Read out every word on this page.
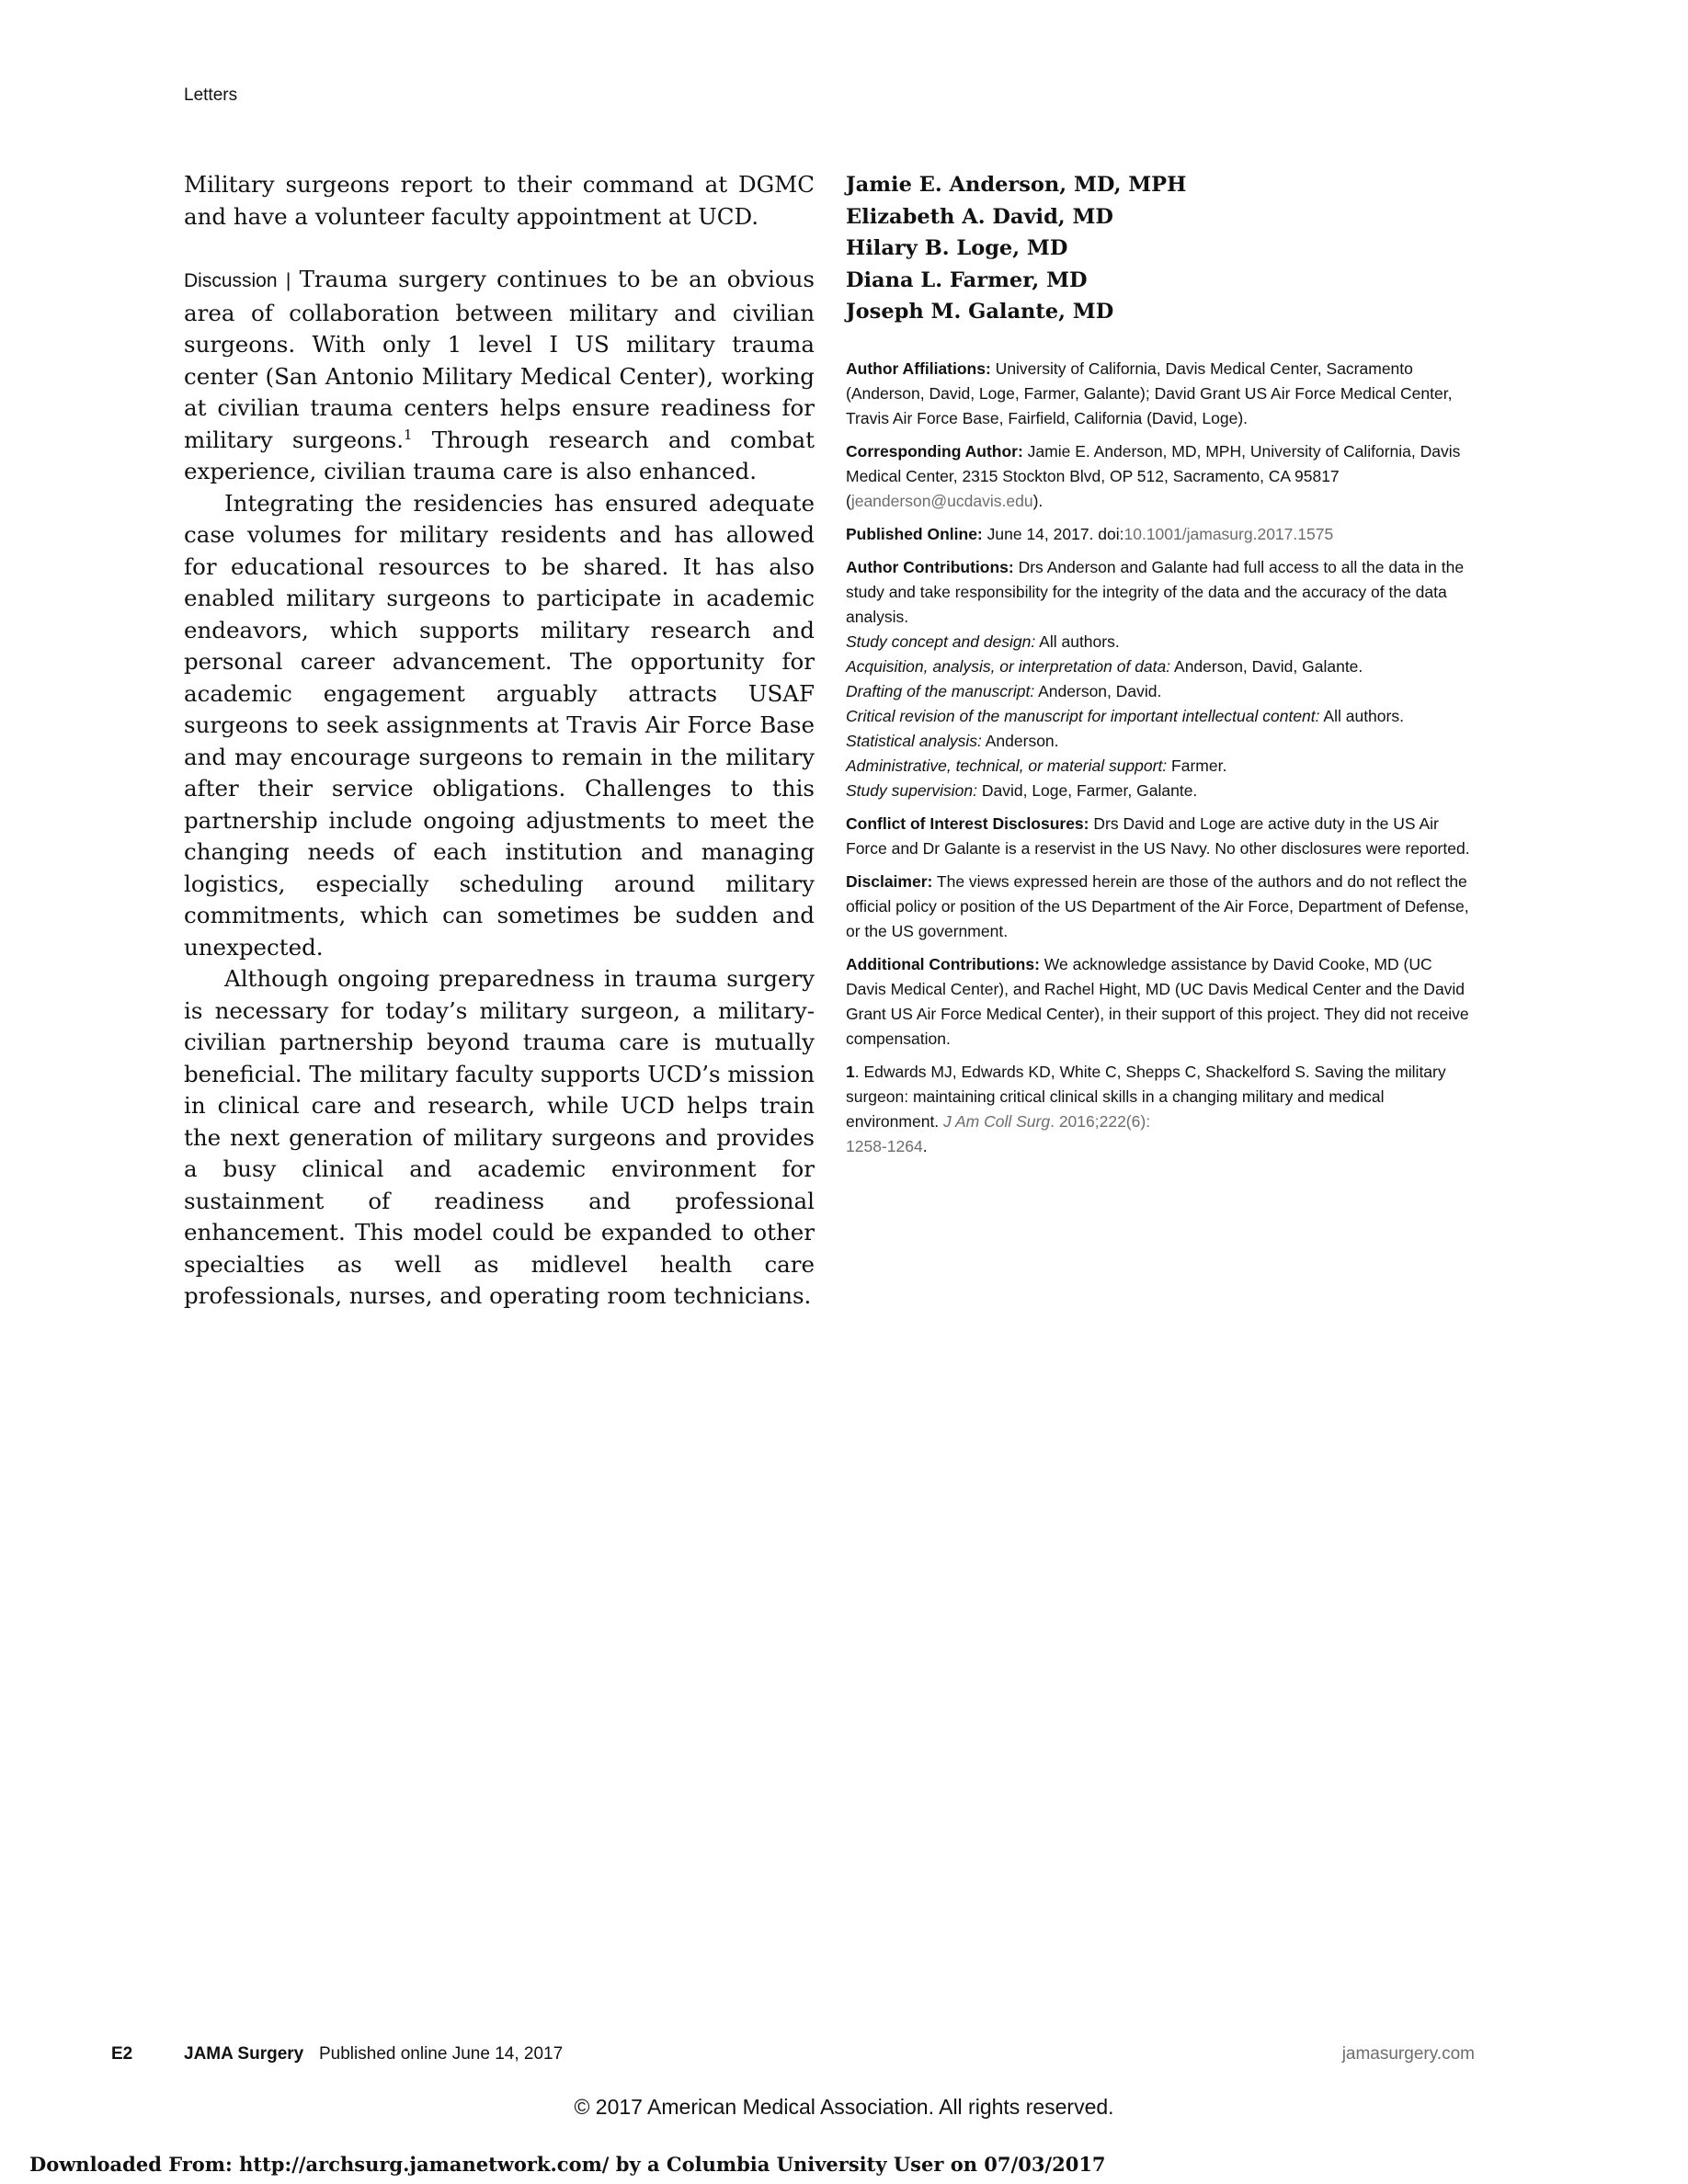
Letters

Military surgeons report to their command at DGMC and have a volunteer faculty appointment at UCD.

Discussion | Trauma surgery continues to be an obvious area of collaboration between military and civilian surgeons. With only 1 level I US military trauma center (San Antonio Military Medical Center), working at civilian trauma centers helps ensure readiness for military surgeons.$^1$ Through research and combat experience, civilian trauma care is also enhanced.

Integrating the residencies has ensured adequate case volumes for military residents and has allowed for educational resources to be shared. It has also enabled military surgeons to participate in academic endeavors, which supports military research and personal career advancement. The opportunity for academic engagement arguably attracts USAF surgeons to seek assignments at Travis Air Force Base and may encourage surgeons to remain in the military after their service obligations. Challenges to this partnership include ongoing adjustments to meet the changing needs of each institution and managing logistics, especially scheduling around military commitments, which can sometimes be sudden and unexpected.

Although ongoing preparedness in trauma surgery is necessary for today’s military surgeon, a military-civilian partnership beyond trauma care is mutually beneficial. The military faculty supports UCD’s mission in clinical care and research, while UCD helps train the next generation of military surgeons and provides a busy clinical and academic environment for sustainment of readiness and professional enhancement. This model could be expanded to other specialties as well as midlevel health care professionals, nurses, and operating room technicians.

Jamie E. Anderson, MD, MPH
Elizabeth A. David, MD
Hilary B. Loge, MD
Diana L. Farmer, MD
Joseph M. Galante, MD
Author Affiliations: University of California, Davis Medical Center, Sacramento (Anderson, David, Loge, Farmer, Galante); David Grant US Air Force Medical Center, Travis Air Force Base, Fairfield, California (David, Loge).
Corresponding Author: Jamie E. Anderson, MD, MPH, University of California, Davis Medical Center, 2315 Stockton Blvd, OP 512, Sacramento, CA 95817 (jeanderson@ucdavis.edu).
Published Online: June 14, 2017. doi:10.1001/jamasurg.2017.1575
Author Contributions: Drs Anderson and Galante had full access to all the data in the study and take responsibility for the integrity of the data and the accuracy of the data analysis.
Study concept and design: All authors.
Acquisition, analysis, or interpretation of data: Anderson, David, Galante.
Drafting of the manuscript: Anderson, David.
Critical revision of the manuscript for important intellectual content: All authors.
Statistical analysis: Anderson.
Administrative, technical, or material support: Farmer.
Study supervision: David, Loge, Farmer, Galante.
Conflict of Interest Disclosures: Drs David and Loge are active duty in the US Air Force and Dr Galante is a reservist in the US Navy. No other disclosures were reported.
Disclaimer: The views expressed herein are those of the authors and do not reflect the official policy or position of the US Department of the Air Force, Department of Defense, or the US government.
Additional Contributions: We acknowledge assistance by David Cooke, MD (UC Davis Medical Center), and Rachel Hight, MD (UC Davis Medical Center and the David Grant US Air Force Medical Center), in their support of this project. They did not receive compensation.
1. Edwards MJ, Edwards KD, White C, Shepps C, Shackelford S. Saving the military surgeon: maintaining critical clinical skills in a changing military and medical environment. J Am Coll Surg. 2016;222(6):
1258-1264.
E2	JAMA Surgery Published online June 14, 2017	jamasurgery.com
© 2017 American Medical Association. All rights reserved.
Downloaded From: http://archsurg.jamanetwork.com/ by a Columbia University User on 07/03/2017
